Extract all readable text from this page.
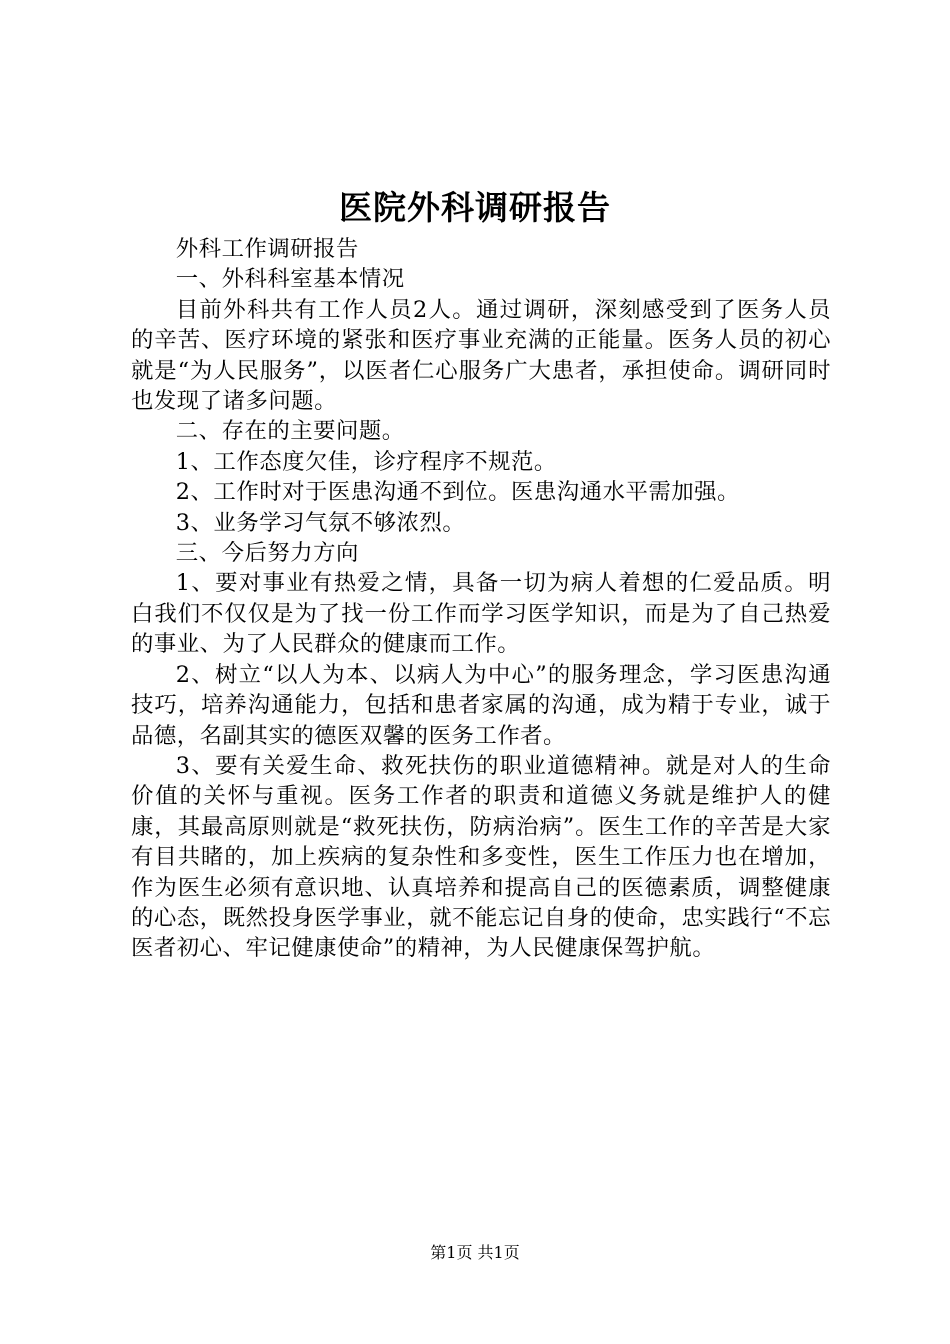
医院外科调研报告

外科工作调研报告

一、外科科室基本情况

目前外科共有工作人员2人。通过调研，深刻感受到了医务人员的辛苦、医疗环境的紧张和医疗事业充满的正能量。医务人员的初心就是“为人民服务”，以医者仁心服务广大患者，承担使命。调研同时也发现了诸多问题。

二、存在的主要问题。

1、工作态度欠佳，诊疗程序不规范。

2、工作时对于医患沟通不到位。医患沟通水平需加强。

3、业务学习气氛不够浓烈。

三、今后努力方向

1、要对事业有热爱之情，具备一切为病人着想的仁爱品质。明白我们不仅仅是为了找一份工作而学习医学知识，而是为了自己热爱的事业、为了人民群众的健康而工作。

2、树立“以人为本、以病人为中心”的服务理念，学习医患沟通技巧，培养沟通能力，包括和患者家属的沟通，成为精于专业，诚于品德，名副其实的德医双馨的医务工作者。

3、要有关爱生命、救死扶伤的职业道德精神。就是对人的生命价值的关怀与重视。医务工作者的职责和道德义务就是维护人的健康，其最高原则就是“救死扶伤，防病治病”。医生工作的辛苦是大家有目共睹的，加上疾病的复杂性和多变性，医生工作压力也在增加，作为医生必须有意识地、认真培养和提高自己的医德素质，调整健康的心态，既然投身医学事业，就不能忘记自身的使命，忠实践行“不忘医者初心、牢记健康使命”的精神，为人民健康保驾护航。

第1页 共1页
